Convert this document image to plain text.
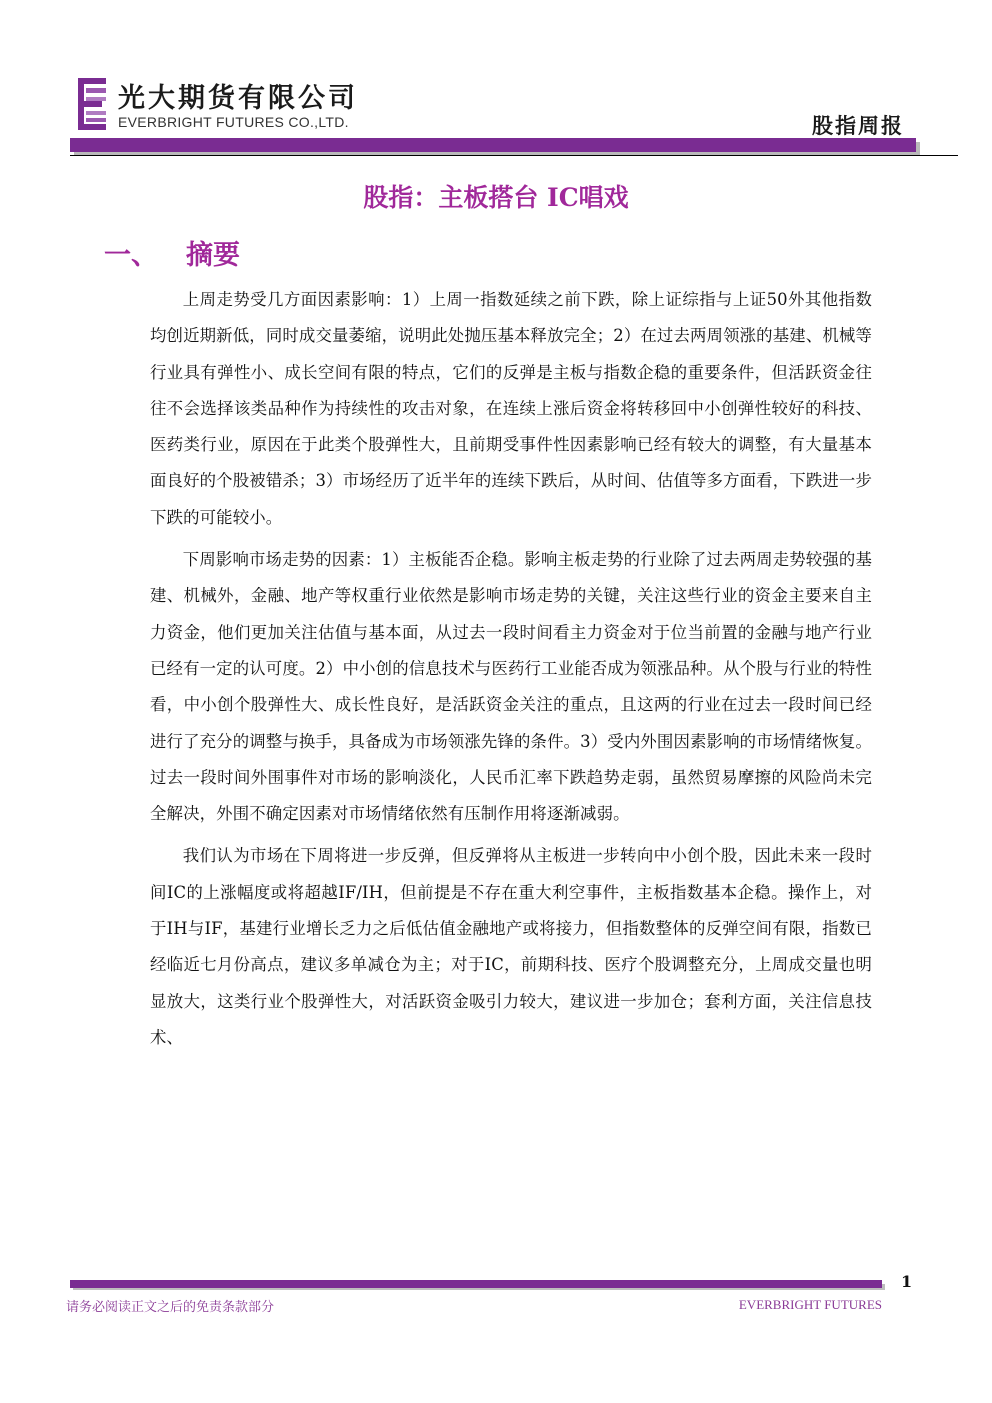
光大期货有限公司
EVERBRIGHT FUTURES CO.,LTD.	股指周报
股指：主板搭台 IC唱戏
一、 摘要

上周走势受几方面因素影响：1）上周一指数延续之前下跌，除上证综指与上证50外其他指数均创近期新低，同时成交量萎缩，说明此处抛压基本释放完全；2）在过去两周领涨的基建、机械等行业具有弹性小、成长空间有限的特点，它们的反弹是主板与指数企稳的重要条件，但活跃资金往往不会选择该类品种作为持续性的攻击对象，在连续上涨后资金将转移回中小创弹性较好的科技、医药类行业，原因在于此类个股弹性大，且前期受事件性因素影响已经有较大的调整，有大量基本面良好的个股被错杀；3）市场经历了近半年的连续下跌后，从时间、估值等多方面看，下跌进一步下跌的可能较小。

下周影响市场走势的因素：1）主板能否企稳。影响主板走势的行业除了过去两周走势较强的基建、机械外，金融、地产等权重行业依然是影响市场走势的关键，关注这些行业的资金主要来自主力资金，他们更加关注估值与基本面，从过去一段时间看主力资金对于位当前置的金融与地产行业已经有一定的认可度。2）中小创的信息技术与医药行工业能否成为领涨品种。从个股与行业的特性看，中小创个股弹性大、成长性良好，是活跃资金关注的重点，且这两的行业在过去一段时间已经进行了充分的调整与换手，具备成为市场领涨先锋的条件。3）受内外围因素影响的市场情绪恢复。过去一段时间外围事件对市场的影响淡化，人民币汇率下跌趋势走弱，虽然贸易摩擦的风险尚未完全解决，外围不确定因素对市场情绪依然有压制作用将逐渐减弱。

我们认为市场在下周将进一步反弹，但反弹将从主板进一步转向中小创个股，因此未来一段时间IC的上涨幅度或将超越IF/IH，但前提是不存在重大利空事件，主板指数基本企稳。操作上，对于IH与IF，基建行业增长乏力之后低估值金融地产或将接力，但指数整体的反弹空间有限，指数已经临近七月份高点，建议多单减仓为主；对于IC，前期科技、医疗个股调整充分，上周成交量也明显放大，这类行业个股弹性大，对活跃资金吸引力较大，建议进一步加仓；套利方面，关注信息技术、

1
请务必阅读正文之后的免责条款部分	EVERBRIGHT FUTURES
